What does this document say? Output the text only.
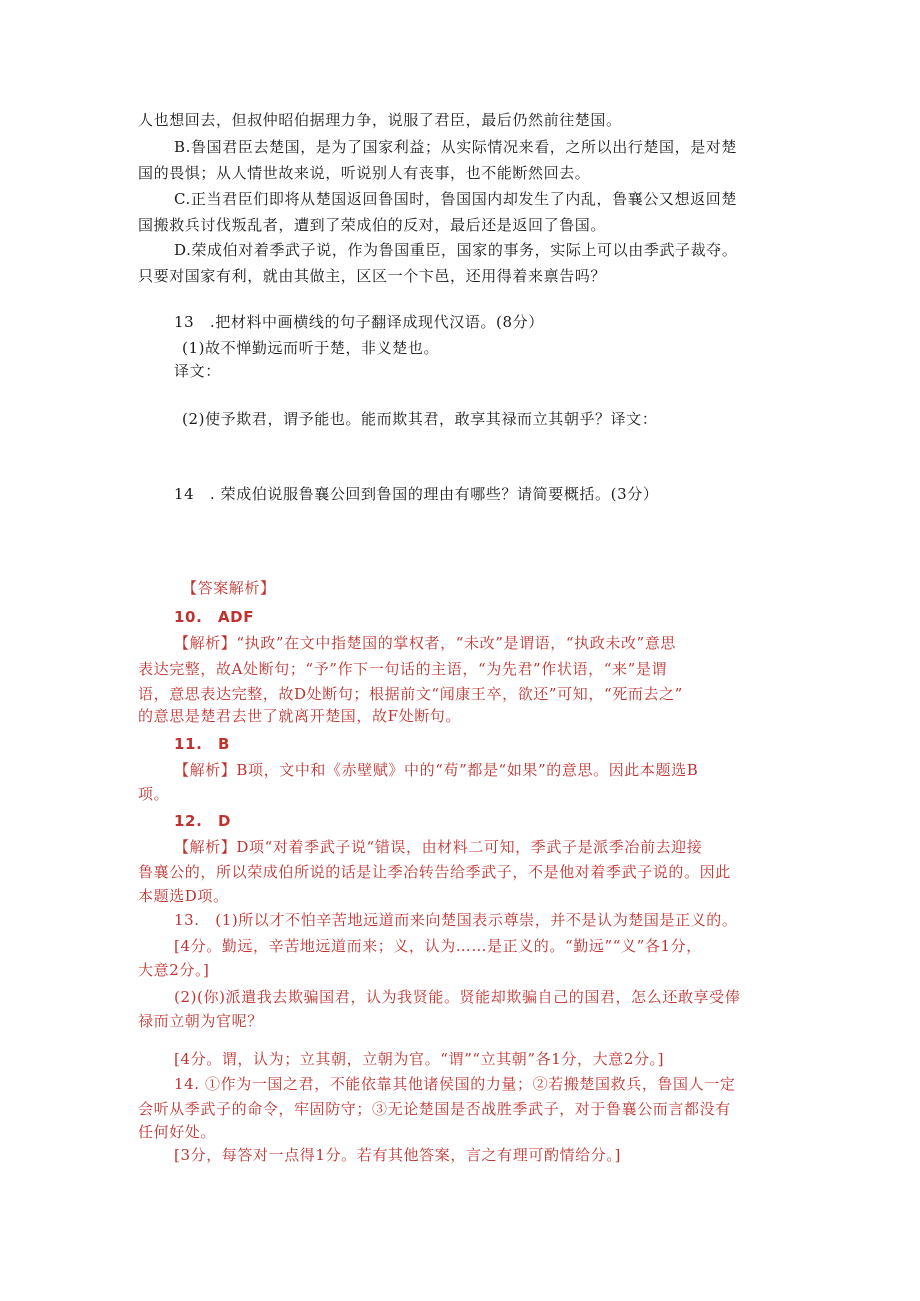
人也想回去，但叔仲昭伯据理力争，说服了君臣，最后仍然前往楚国。
B.鲁国君臣去楚国，是为了国家利益；从实际情况来看，之所以出行楚国，是对楚
国的畏惧；从人情世故来说，听说别人有丧事，也不能断然回去。
C.正当君臣们即将从楚国返回鲁国时，鲁国国内却发生了内乱，鲁襄公又想返回楚
国搬救兵讨伐叛乱者，遭到了荣成伯的反对，最后还是返回了鲁国。
D.荣成伯对着季武子说，作为鲁国重臣，国家的事务，实际上可以由季武子裁夺。
只要对国家有利，就由其做主，区区一个卞邑，还用得着来禀告吗？
13　.把材料中画横线的句子翻译成现代汉语。(8分）
(1)故不惮勤远而听于楚，非义楚也。
译文：
(2)使予欺君，谓予能也。能而欺其君，敢享其禄而立其朝乎？译文：
14　. 荣成伯说服鲁襄公回到鲁国的理由有哪些？请简要概括。(3分）
【答案解析】
10.　ADF
【解析】“执政”在文中指楚国的掌权者，“未改”是谓语，“执政未改”意思
表达完整，故A处断句；“予”作下一句话的主语，“为先君”作状语，“来”是谓
语，意思表达完整，故D处断句；根据前文“闻康王卒，欲还”可知，“死而去之”
的意思是楚君去世了就离开楚国，故F处断句。
11.　B
【解析】B项，文中和《赤壁赋》中的“苟”都是“如果”的意思。因此本题选B
项。
12.　D
【解析】D项“对着季武子说“错误，由材料二可知，季武子是派季冶前去迎接
鲁襄公的，所以荣成伯所说的话是让季冶转告给季武子，不是他对着季武子说的。因此
本题选D项。
13.　(1)所以才不怕辛苦地远道而来向楚国表示尊崇，并不是认为楚国是正义的。
[4分。勤远，辛苦地远道而来；义，认为……是正义的。“勤远”“义”各1分，
大意2分。]
(2)(你)派遣我去欺骗国君，认为我贤能。贤能却欺骗自己的国君，怎么还敢享受俸
禄而立朝为官呢？
[4分。谓，认为；立其朝，立朝为官。“谓”“立其朝”各1分，大意2分。]
14. ①作为一国之君，不能依靠其他诸侯国的力量；②若搬楚国救兵，鲁国人一定
会听从季武子的命令，牢固防守；③无论楚国是否战胜季武子，对于鲁襄公而言都没有
任何好处。
[3分，每答对一点得1分。若有其他答案，言之有理可酌情给分。]
